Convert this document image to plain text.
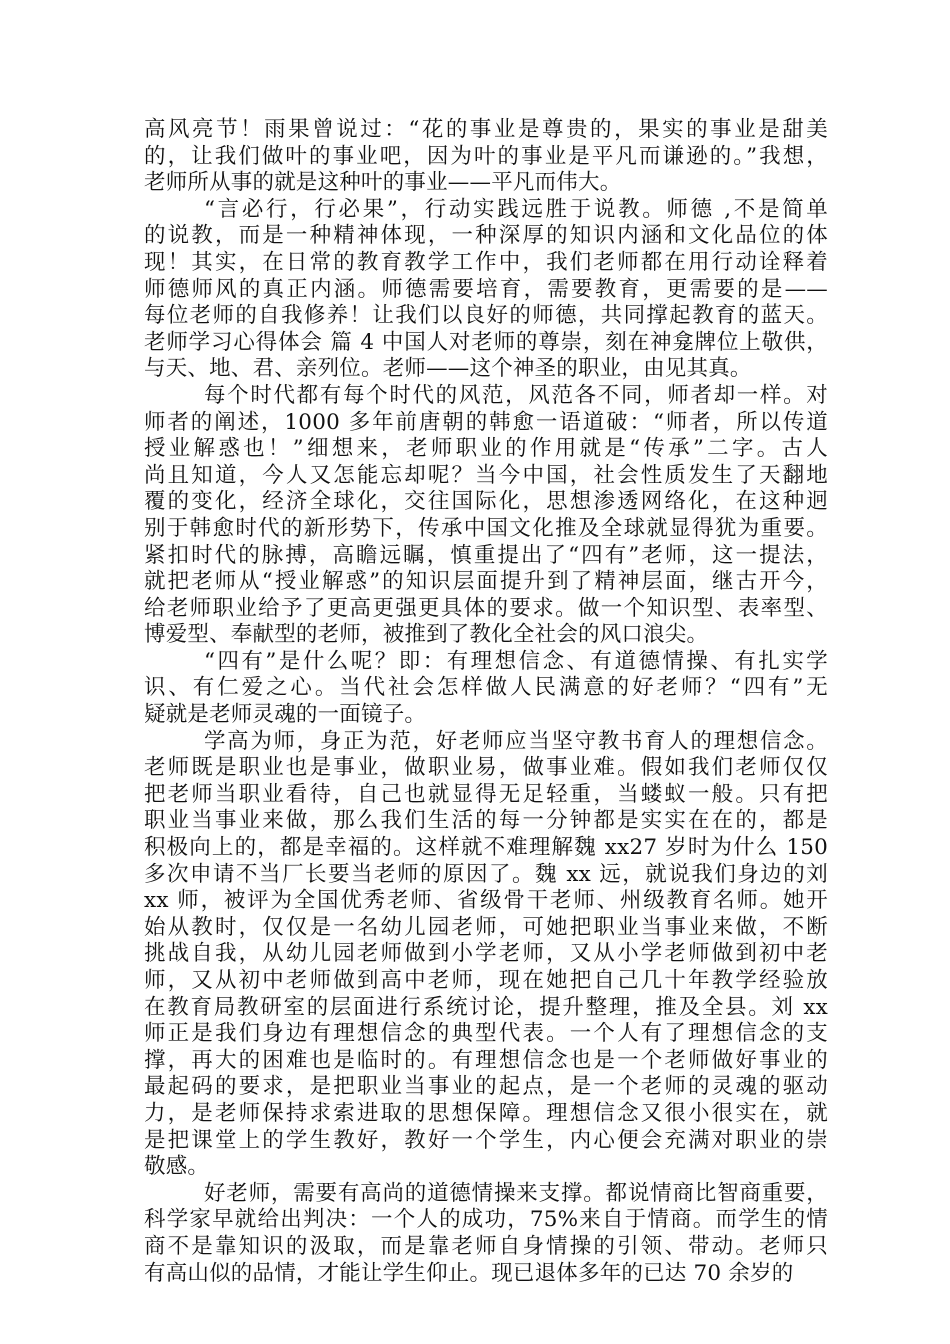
高风亮节！雨果曾说过：“花的事业是尊贵的，果实的事业是甜美
的，让我们做叶的事业吧，因为叶的事业是平凡而谦逊的。”我想，
老师所从事的就是这种叶的事业——平凡而伟大。
“言必行，行必果”，行动实践远胜于说教。师德 ,不是简单
的说教，而是一种精神体现，一种深厚的知识内涵和文化品位的体
现！其实，在日常的教育教学工作中，我们老师都在用行动诠释着
师德师风的真正内涵。师德需要培育，需要教育，更需要的是——
每位老师的自我修养！让我们以良好的师德，共同撑起教育的蓝天。
老师学习心得体会 篇 4 中国人对老师的尊崇，刻在神龛牌位上敬供，
与天、地、君、亲列位。老师——这个神圣的职业，由见其真。
每个时代都有每个时代的风范，风范各不同，师者却一样。对
师者的阐述，1000 多年前唐朝的韩愈一语道破：“师者，所以传道
授业解惑也！”细想来，老师职业的作用就是“传承”二字。古人
尚且知道，今人又怎能忘却呢？当今中国，社会性质发生了天翻地
覆的变化，经济全球化，交往国际化，思想渗透网络化，在这种迥
别于韩愈时代的新形势下，传承中国文化推及全球就显得犹为重要。
紧扣时代的脉搏，高瞻远瞩，慎重提出了“四有”老师，这一提法，
就把老师从“授业解惑”的知识层面提升到了精神层面，继古开今，
给老师职业给予了更高更强更具体的要求。做一个知识型、表率型、
博爱型、奉献型的老师，被推到了教化全社会的风口浪尖。
“四有”是什么呢？即：有理想信念、有道德情操、有扎实学
识、有仁爱之心。当代社会怎样做人民满意的好老师？“四有”无
疑就是老师灵魂的一面镜子。
学高为师，身正为范，好老师应当坚守教书育人的理想信念。
老师既是职业也是事业，做职业易，做事业难。假如我们老师仅仅
把老师当职业看待，自己也就显得无足轻重，当蝼蚁一般。只有把
职业当事业来做，那么我们生活的每一分钟都是实实在在的，都是
积极向上的，都是幸福的。这样就不难理解魏 xx27 岁时为什么 150
多次申请不当厂长要当老师的原因了。魏 xx 远，就说我们身边的刘
xx 师，被评为全国优秀老师、省级骨干老师、州级教育名师。她开
始从教时，仅仅是一名幼儿园老师，可她把职业当事业来做，不断
挑战自我，从幼儿园老师做到小学老师，又从小学老师做到初中老
师，又从初中老师做到高中老师，现在她把自己几十年教学经验放
在教育局教研室的层面进行系统讨论，提升整理，推及全县。刘 xx
师正是我们身边有理想信念的典型代表。一个人有了理想信念的支
撑，再大的困难也是临时的。有理想信念也是一个老师做好事业的
最起码的要求，是把职业当事业的起点，是一个老师的灵魂的驱动
力，是老师保持求索进取的思想保障。理想信念又很小很实在，就
是把课堂上的学生教好，教好一个学生，内心便会充满对职业的崇
敬感。
好老师，需要有高尚的道德情操来支撑。都说情商比智商重要，
科学家早就给出判决：一个人的成功，75%来自于情商。而学生的情
商不是靠知识的汲取，而是靠老师自身情操的引领、带动。老师只
有高山似的品情，才能让学生仰止。现已退体多年的已达 70 余岁的
